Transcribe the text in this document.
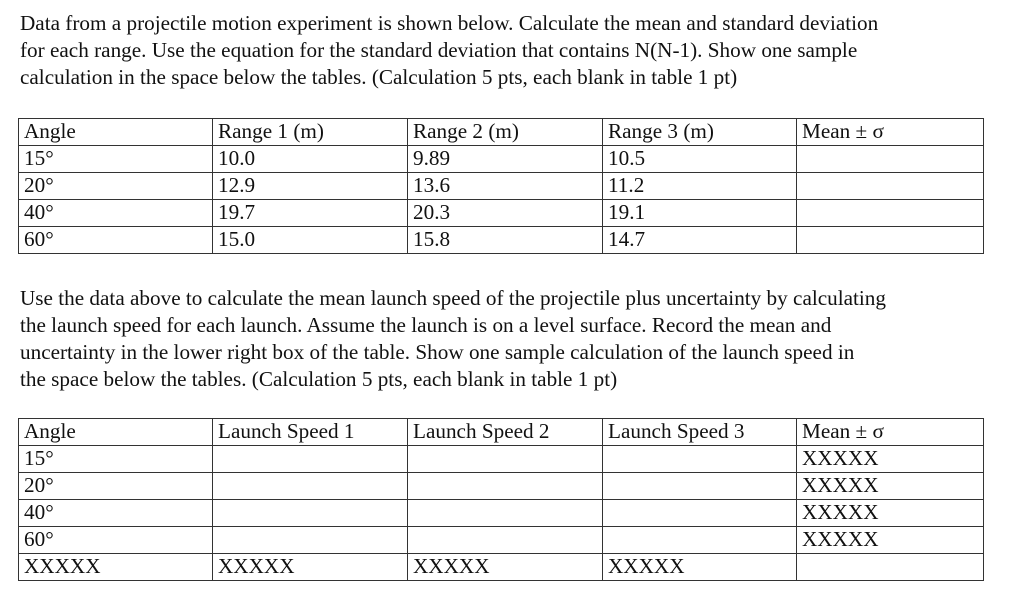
Data from a projectile motion experiment is shown below. Calculate the mean and standard deviation
for each range. Use the equation for the standard deviation that contains N(N-1). Show one sample
calculation in the space below the tables. (Calculation 5 pts, each blank in table 1 pt)
Angle	Range 1 (m)	Range 2 (m)	Range 3 (m)	Mean ± σ
15°	10.0	9.89	10.5	
20°	12.9	13.6	11.2	
40°	19.7	20.3	19.1	
60°	15.0	15.8	14.7	
Use the data above to calculate the mean launch speed of the projectile plus uncertainty by calculating
the launch speed for each launch. Assume the launch is on a level surface. Record the mean and
uncertainty in the lower right box of the table. Show one sample calculation of the launch speed in
the space below the tables. (Calculation 5 pts, each blank in table 1 pt)
Angle	Launch Speed 1	Launch Speed 2	Launch Speed 3	Mean ± σ
15°				XXXXX
20°				XXXXX
40°				XXXXX
60°				XXXXX
XXXXX	XXXXX	XXXXX	XXXXX	
